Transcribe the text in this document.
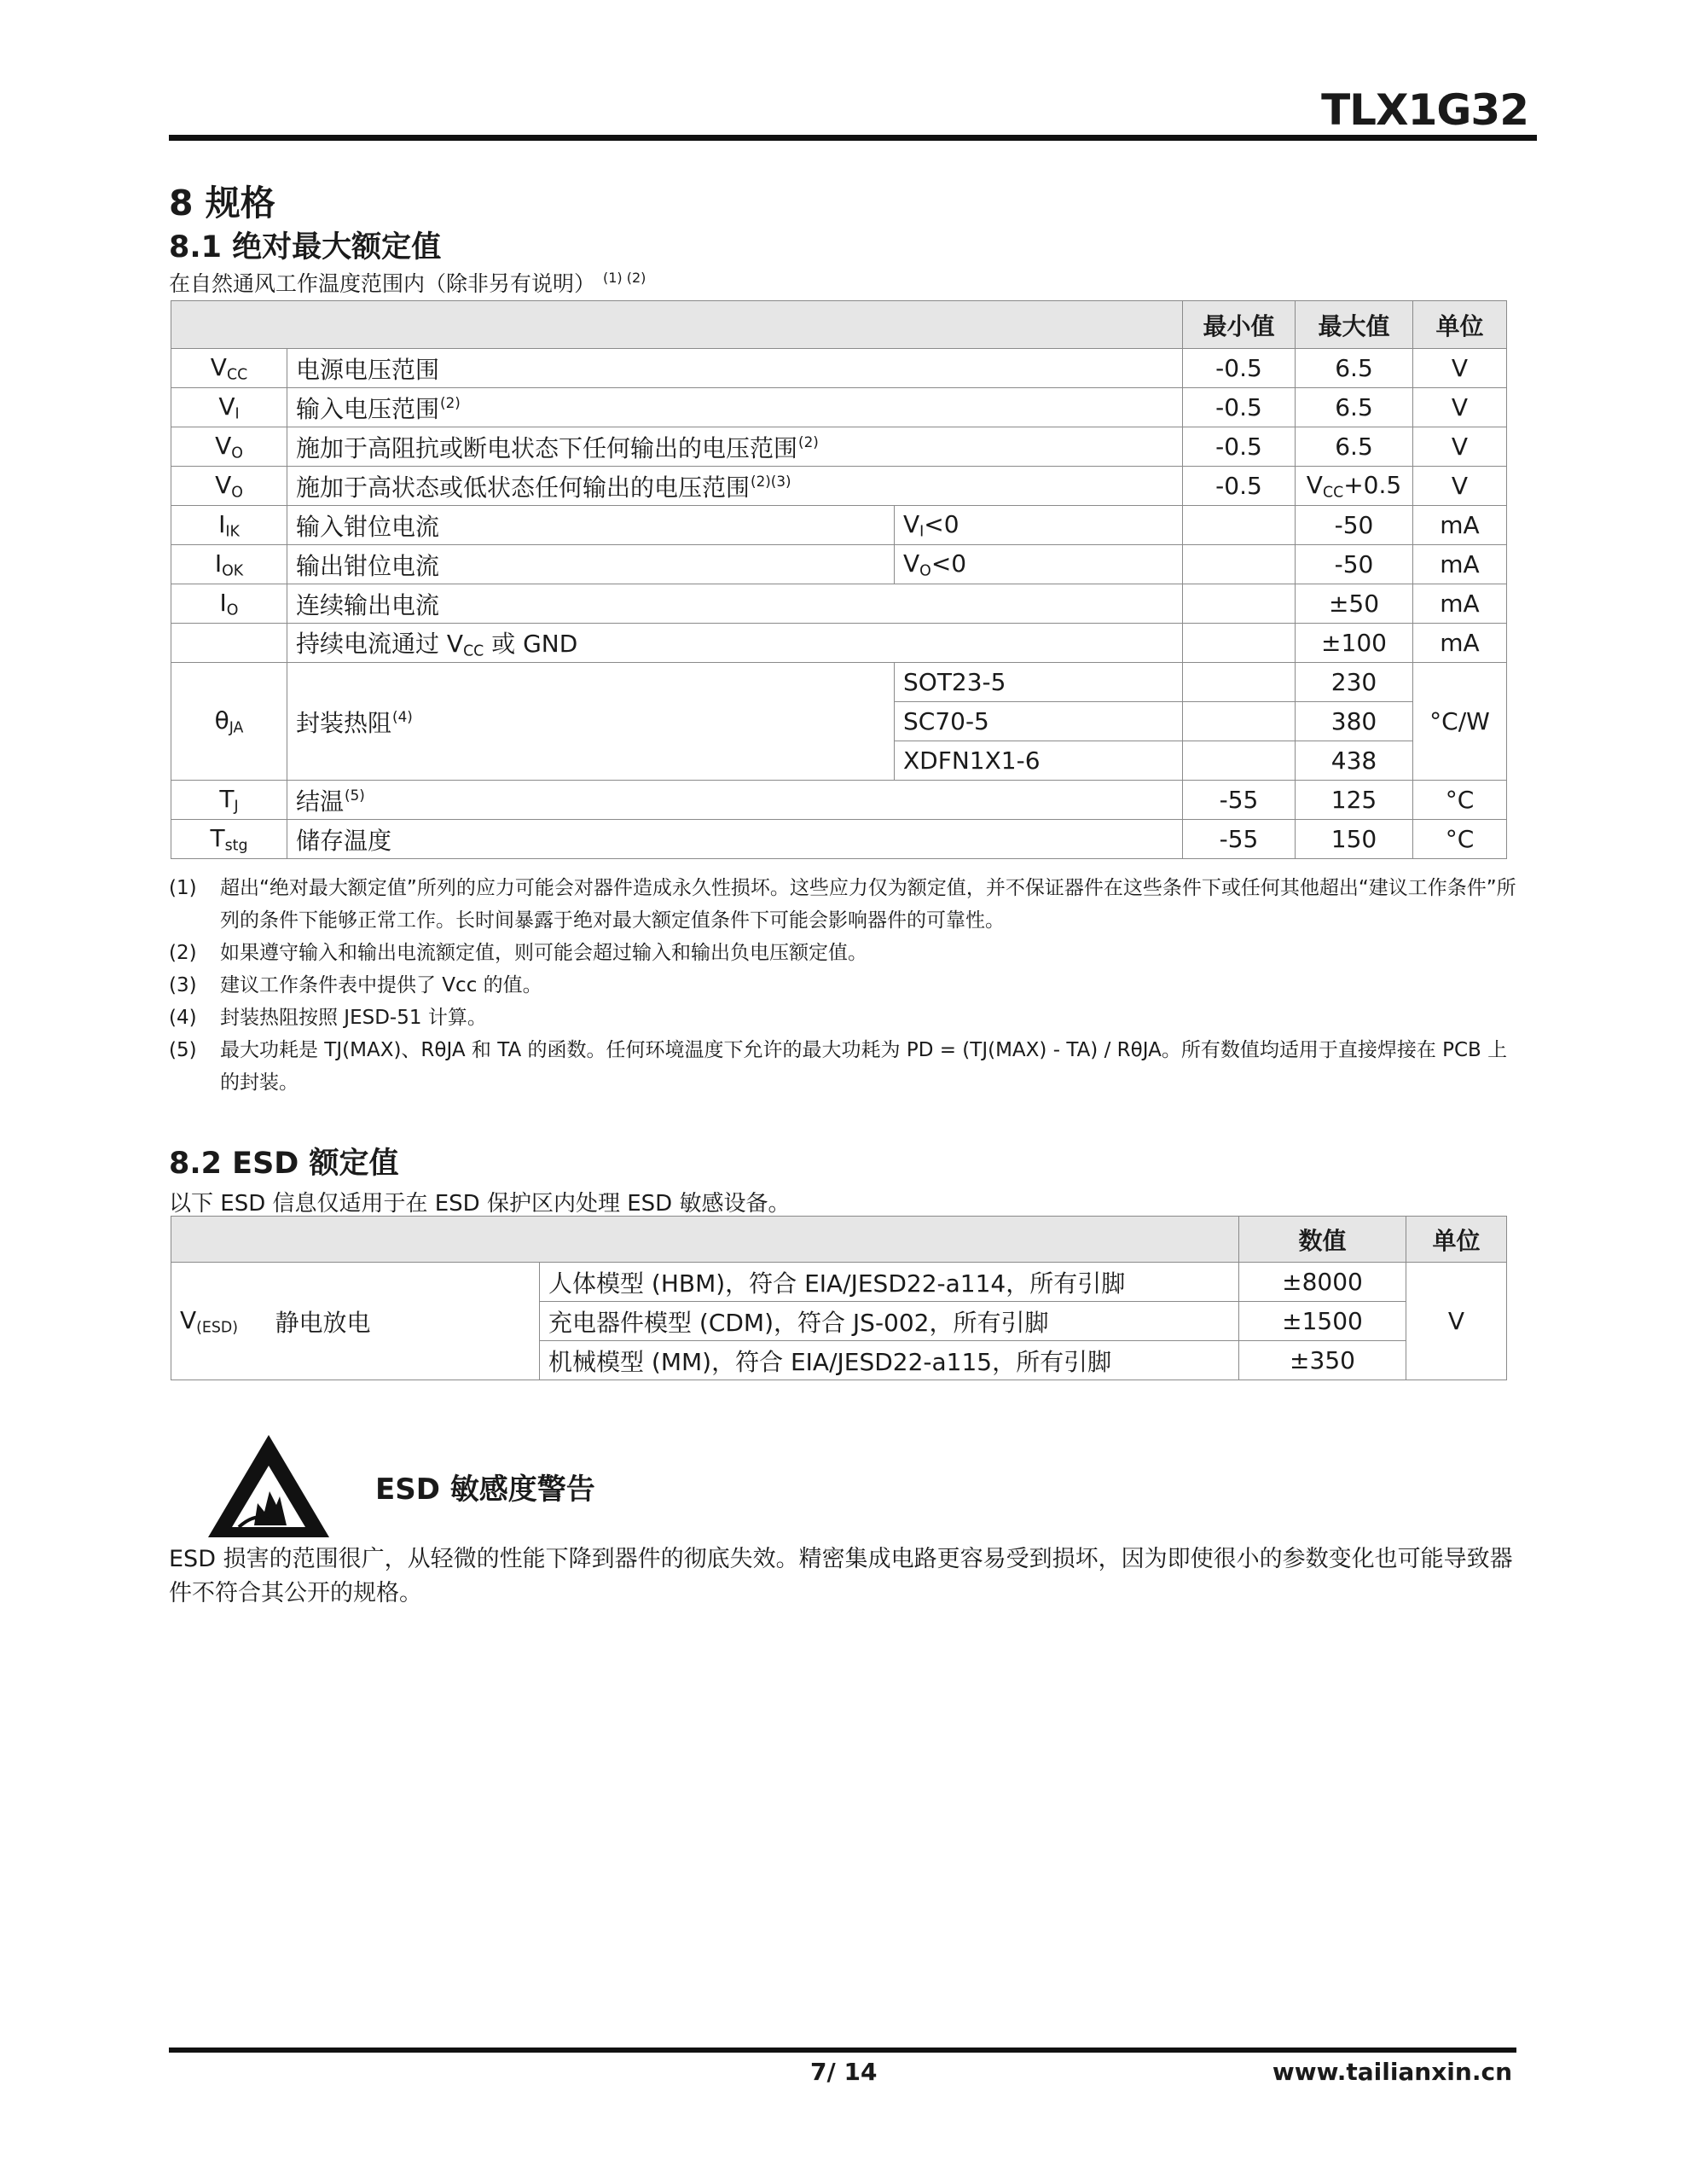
TLX1G32
8 规格
8.1 绝对最大额定值
在自然通风工作温度范围内（除非另有说明） $^{(1) (2)}$
			最小值	最大值	单位
$V_{CC}$	电源电压范围		-0.5	6.5	V
$V_I$	输入电压范围$^{(2)}$		-0.5	6.5	V
$V_O$	施加于高阻抗或断电状态下任何输出的电压范围$^{(2)}$		-0.5	6.5	V
$V_O$	施加于高状态或低状态任何输出的电压范围$^{(2)(3)}$		-0.5	$V_{CC}+0.5$	V
$I_{IK}$	输入钳位电流	$V_I<0$		-50	mA
$I_{OK}$	输出钳位电流	$V_O<0$		-50	mA
$I_O$	连续输出电流			±50	mA
	持续电流通过 $V_{CC}$ 或 GND			±100	mA
$\theta_{JA}$	封装热阻$^{(4)}$	SOT23-5		230	°C/W
		SC70-5		380	
		XDFN1X1-6		438	
$T_J$	结温$^{(5)}$		-55	125	°C
$T_{stg}$	储存温度		-55	150	°C
(1) 超出“绝对最大额定值”所列的应力可能会对器件造成永久性损坏。这些应力仅为额定值，并不保证器件在这些条件下或任何其他超出“建议工作条件”所列的条件下能够正常工作。长时间暴露于绝对最大额定值条件下可能会影响器件的可靠性。
(2) 如果遵守输入和输出电流额定值，则可能会超过输入和输出负电压额定值。
(3) 建议工作条件表中提供了 Vcc 的值。
(4) 封装热阻按照 JESD-51 计算。
(5) 最大功耗是 TJ(MAX)、RθJA 和 TA 的函数。任何环境温度下允许的最大功耗为 PD = (TJ(MAX) - TA) / RθJA。所有数值均适用于直接焊接在 PCB 上的封装。
8.2 ESD 额定值
以下 ESD 信息仅适用于在 ESD 保护区内处理 ESD 敏感设备。
			数值	单位
$V_{(ESD)}$	静电放电	人体模型 (HBM)，符合 EIA/JESD22-a114，所有引脚	±8000	V
		充电器件模型 (CDM)，符合 JS-002，所有引脚	±1500	
		机械模型 (MM)，符合 EIA/JESD22-a115，所有引脚	±350	
ESD 敏感度警告
ESD 损害的范围很广，从轻微的性能下降到器件的彻底失效。精密集成电路更容易受到损坏，因为即使很小的参数变化也可能导致器件不符合其公开的规格。
7/ 14	www.tailianxin.cn
